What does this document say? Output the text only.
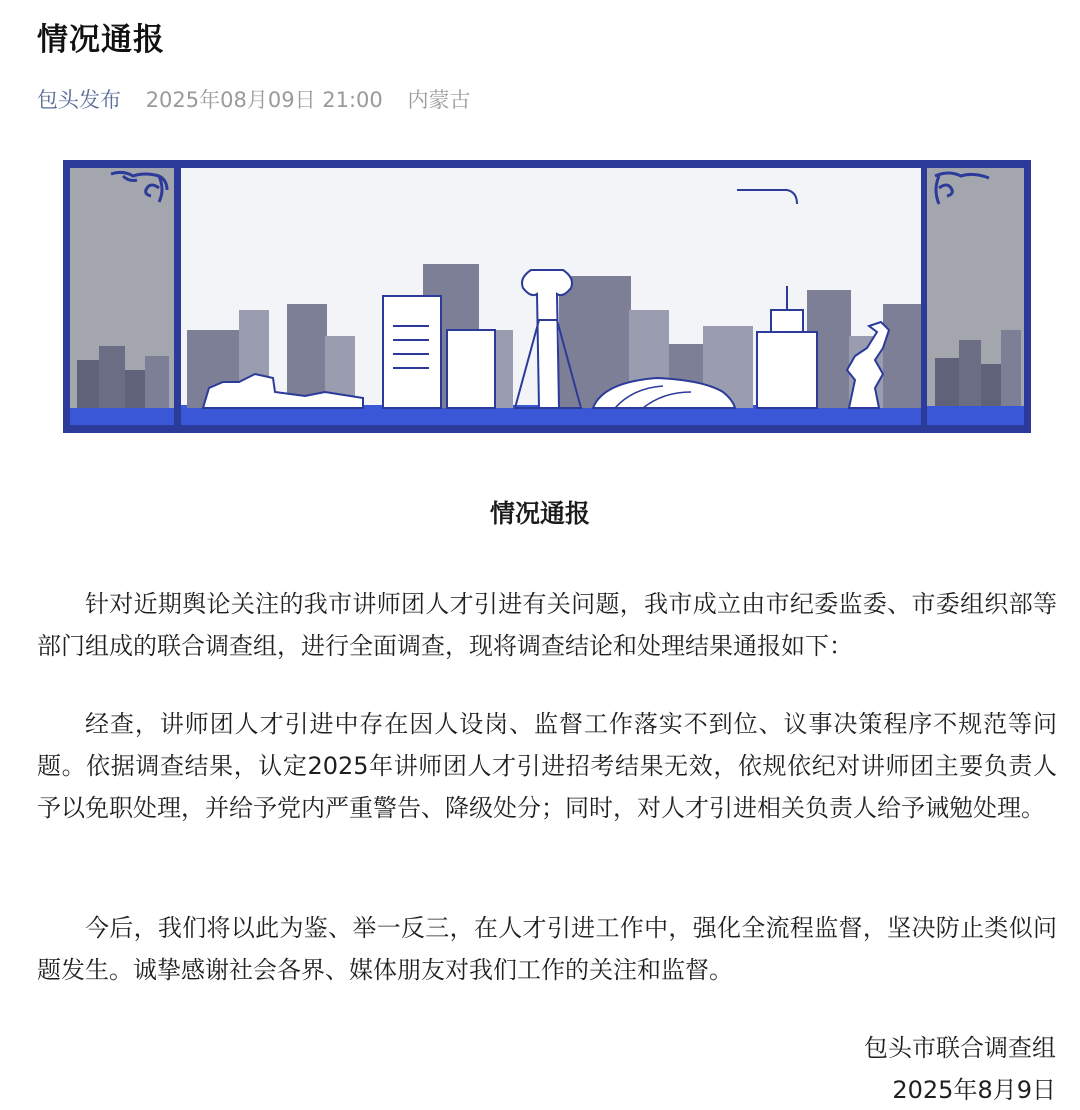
情况通报
包头发布 2025年08月09日 21:00 内蒙古
情况通报

针对近期舆论关注的我市讲师团人才引进有关问题，我市成立由市纪委监委、市委组织部等部门组成的联合调查组，进行全面调查，现将调查结论和处理结果通报如下：

经查，讲师团人才引进中存在因人设岗、监督工作落实不到位、议事决策程序不规范等问题。依据调查结果，认定2025年讲师团人才引进招考结果无效，依规依纪对讲师团主要负责人予以免职处理，并给予党内严重警告、降级处分；同时，对人才引进相关负责人给予诫勉处理。

今后，我们将以此为鉴、举一反三，在人才引进工作中，强化全流程监督，坚决防止类似问题发生。诚挚感谢社会各界、媒体朋友对我们工作的关注和监督。

包头市联合调查组
2025年8月9日
